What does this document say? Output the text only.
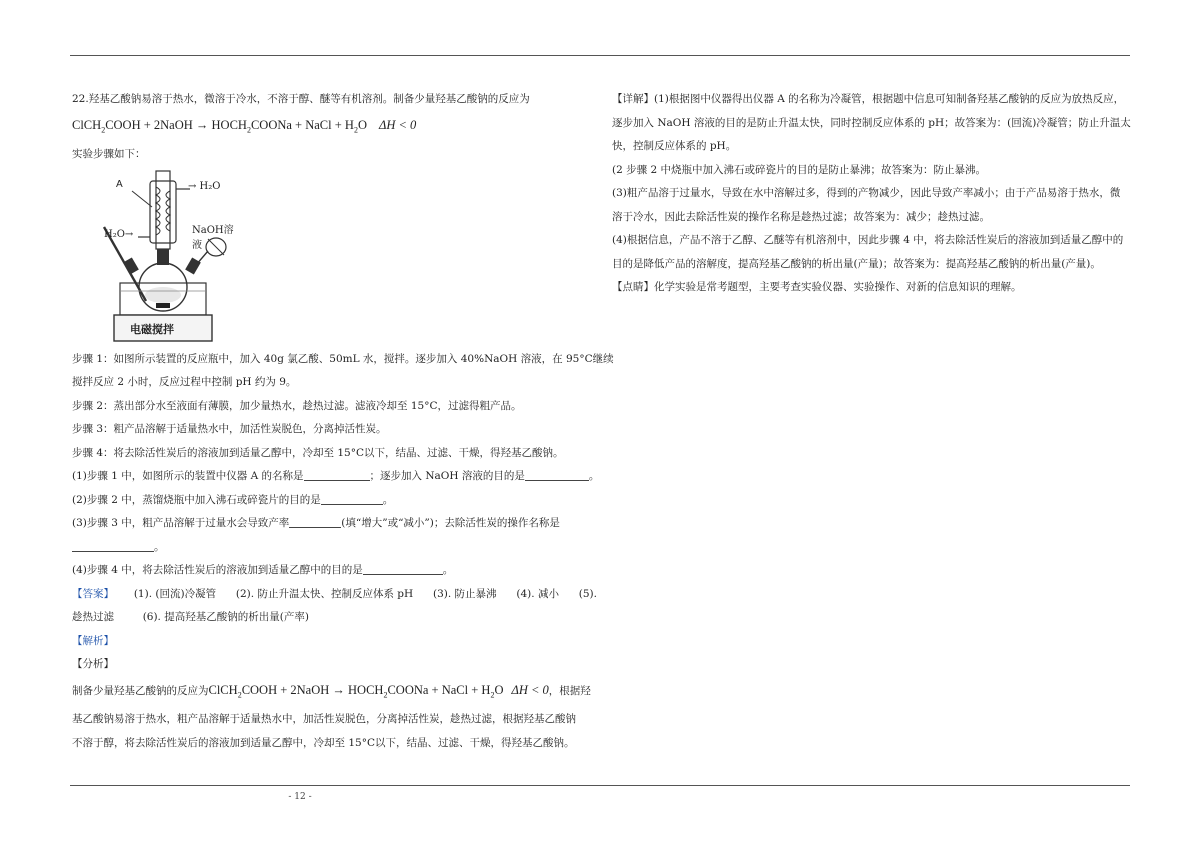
22.羟基乙酸钠易溶于热水，微溶于冷水，不溶于醇、醚等有机溶剂。制备少量羟基乙酸钠的反应为
ClCH$_2$COOH + 2NaOH → $HOCH_2COONa$ + NaCl + $H_2O$ ΔH < 0
实验步骤如下：
A	→ H₂O
H₂O→	NaOH溶液
电磁搅拌
步骤 1：如图所示装置的反应瓶中，加入 40g 氯乙酸、50mL 水，搅拌。逐步加入 40%NaOH 溶液，在 95°C继续
搅拌反应 2 小时，反应过程中控制 pH 约为 9。
步骤 2：蒸出部分水至液面有薄膜，加少量热水，趁热过滤。滤液冷却至 15°C，过滤得粗产品。
步骤 3：粗产品溶解于适量热水中，加活性炭脱色，分离掉活性炭。
步骤 4：将去除活性炭后的溶液加到适量乙醇中，冷却至 15°C以下，结晶、过滤、干燥，得羟基乙酸钠。
(1)步骤 1 中，如图所示的装置中仪器 A 的名称是	；逐步加入 NaOH 溶液的目的是	。
(2)步骤 2 中，蒸馏烧瓶中加入沸石或碎瓷片的目的是	。
(3)步骤 3 中，粗产品溶解于过量水会导致产率	(填“增大”或“减小”)；去除活性炭的操作名称是
。
(4)步骤 4 中，将去除活性炭后的溶液加到适量乙醇中的目的是	。
【答案】 (1). (回流)冷凝管 (2). 防止升温太快、控制反应体系 pH (3). 防止暴沸 (4). 减小 (5).
趁热过滤	(6). 提高羟基乙酸钠的析出量(产率)
【解析】
【分析】
制备少量羟基乙酸钠的反应为ClCH$_2$COOH + 2NaOH → $HOCH_2COONa$ + NaCl + $H_2O$ ΔH < 0，根据羟
基乙酸钠易溶于热水，粗产品溶解于适量热水中，加活性炭脱色，分离掉活性炭，趁热过滤，根据羟基乙酸钠
不溶于醇，将去除活性炭后的溶液加到适量乙醇中，冷却至 15°C以下，结晶、过滤、干燥，得羟基乙酸钠。
【详解】(1)根据图中仪器得出仪器 A 的名称为冷凝管，根据题中信息可知制备羟基乙酸钠的反应为放热反应，
逐步加入 NaOH 溶液的目的是防止升温太快，同时控制反应体系的 pH；故答案为：(回流)冷凝管；防止升温太
快，控制反应体系的 pH。
(2 步骤 2 中烧瓶中加入沸石或碎瓷片的目的是防止暴沸；故答案为：防止暴沸。
(3)粗产品溶于过量水，导致在水中溶解过多，得到的产物减少，因此导致产率减小；由于产品易溶于热水，微
溶于冷水，因此去除活性炭的操作名称是趁热过滤；故答案为：减少；趁热过滤。
(4)根据信息，产品不溶于乙醇、乙醚等有机溶剂中，因此步骤 4 中，将去除活性炭后的溶液加到适量乙醇中的
目的是降低产品的溶解度，提高羟基乙酸钠的析出量(产量)；故答案为：提高羟基乙酸钠的析出量(产量)。
【点睛】化学实验是常考题型，主要考查实验仪器、实验操作、对新的信息知识的理解。
- 12 -
